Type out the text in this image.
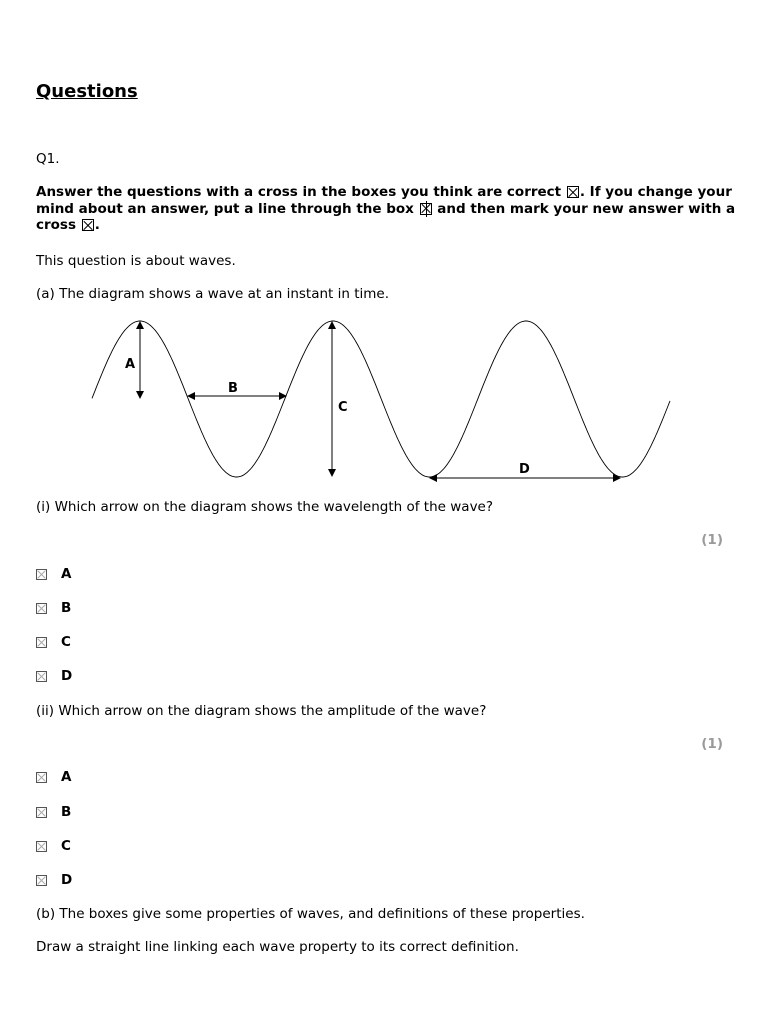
Questions
Q1.
Answer the questions with a cross in the boxes you think are correct ☒. If you change your mind about an answer, put a line through the box
and then mark your new answer with a cross ☒.
This question is about waves.
(a) The diagram shows a wave at an instant in time.
A
B
C
D
(i) Which arrow on the diagram shows the wavelength of the wave?
(1)
A
B
C
D
(ii) Which arrow on the diagram shows the amplitude of the wave?
(1)
A
B
C
D
(b) The boxes give some properties of waves, and definitions of these properties.
Draw a straight line linking each wave property to its correct definition.
